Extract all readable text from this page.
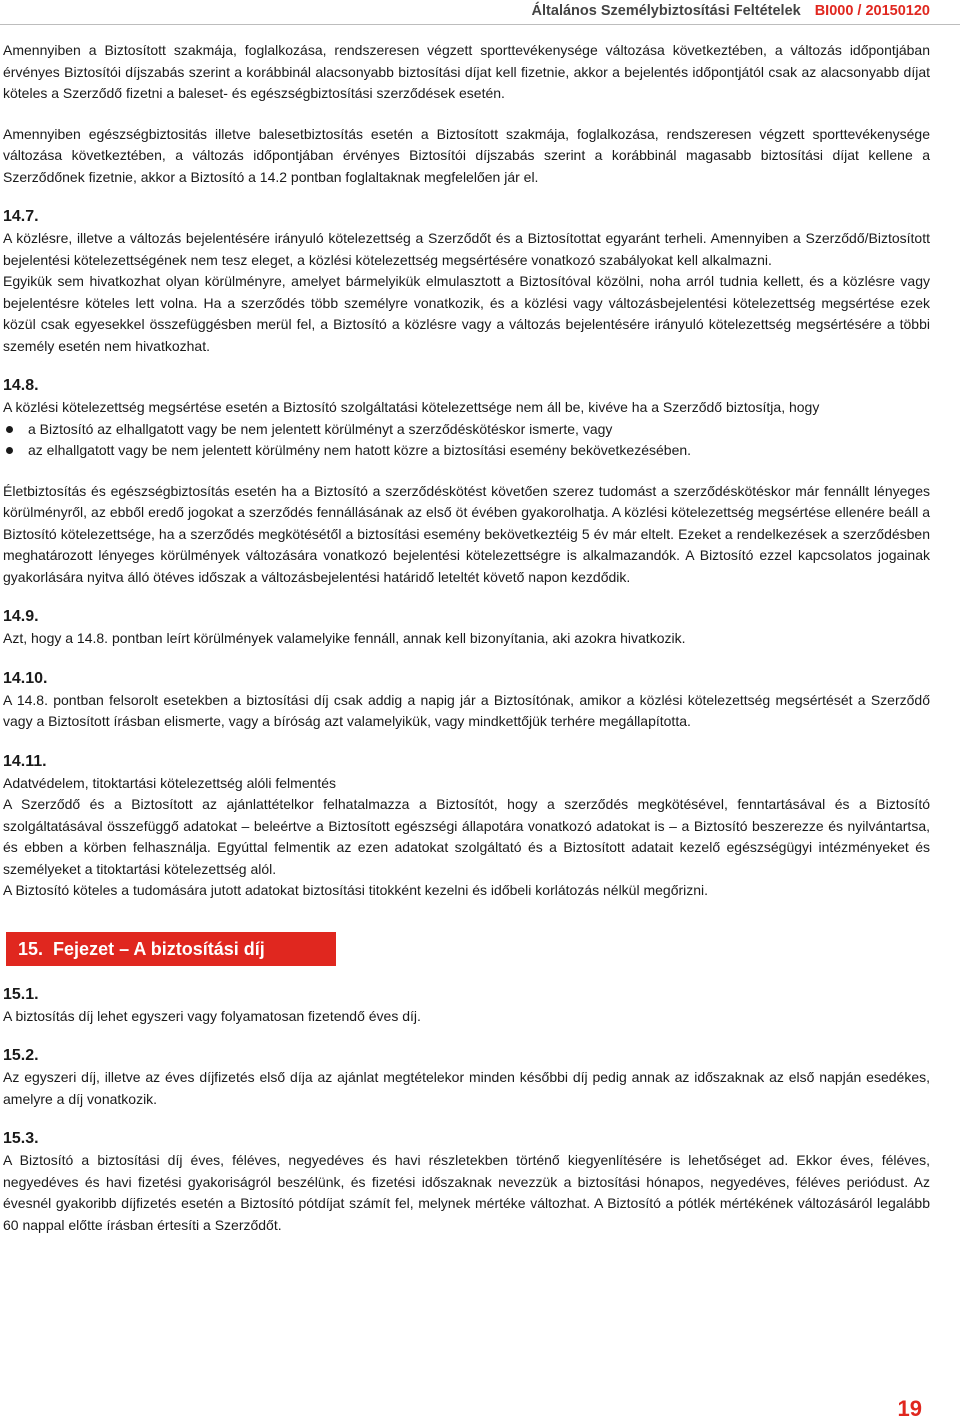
Általános Személybiztosítási Feltételek BI000 / 20150120

Amennyiben a Biztosított szakmája, foglalkozása, rendszeresen végzett sporttevékenysége változása következtében, a változás időpontjában érvényes Biztosítói díjszabás szerint a korábbinál alacsonyabb biztosítási díjat kell fizetnie, akkor a bejelentés időpontjától csak az alacsonyabb díjat köteles a Szerződő fizetni a baleset- és egészségbiztosítási szerződések esetén.

Amennyiben egészségbiztositás illetve balesetbiztosítás esetén a Biztosított szakmája, foglalkozása, rendszeresen végzett sporttevékenysége változása következtében, a változás időpontjában érvényes Biztosítói díjszabás szerint a korábbinál magasabb biztosítási díjat kellene a Szerződőnek fizetnie, akkor a Biztosító a 14.2 pontban foglaltaknak megfelelően jár el.

14.7.

A közlésre, illetve a változás bejelentésére irányuló kötelezettség a Szerződőt és a Biztosítottat egyaránt terheli. Amennyiben a Szerződő/Biztosított bejelentési kötelezettségének nem tesz eleget, a közlési kötelezettség megsértésére vonatkozó szabályokat kell alkalmazni.

Egyikük sem hivatkozhat olyan körülményre, amelyet bármelyikük elmulasztott a Biztosítóval közölni, noha arról tudnia kellett, és a közlésre vagy bejelentésre köteles lett volna. Ha a szerződés több személyre vonatkozik, és a közlési vagy változásbejelentési kötelezettség megsértése ezek közül csak egyesekkel összefüggésben merül fel, a Biztosító a közlésre vagy a változás bejelentésére irányuló kötelezettség megsértésére a többi személy esetén nem hivatkozhat.

14.8.

A közlési kötelezettség megsértése esetén a Biztosító szolgáltatási kötelezettsége nem áll be, kivéve ha a Szerződő biztosítja, hogy

a Biztosító az elhallgatott vagy be nem jelentett körülményt a szerződéskötéskor ismerte, vagy
az elhallgatott vagy be nem jelentett körülmény nem hatott közre a biztosítási esemény bekövetkezésében.

Életbiztosítás és egészségbiztosítás esetén ha a Biztosító a szerződéskötést követően szerez tudomást a szerződéskötéskor már fennállt lényeges körülményről, az ebből eredő jogokat a szerződés fennállásának az első öt évében gyakorolhatja. A közlési kötelezettség megsértése ellenére beáll a Biztosító kötelezettsége, ha a szerződés megkötésétől a biztosítási esemény bekövetkeztéig 5 év már eltelt. Ezeket a rendelkezések a szerződésben meghatározott lényeges körülmények változására vonatkozó bejelentési kötelezettségre is alkalmazandók. A Biztosító ezzel kapcsolatos jogainak gyakorlására nyitva álló ötéves időszak a változásbejelentési határidő leteltét követő napon kezdődik.

14.9.

Azt, hogy a 14.8. pontban leírt körülmények valamelyike fennáll, annak kell bizonyítania, aki azokra hivatkozik.

14.10.

A 14.8. pontban felsorolt esetekben a biztosítási díj csak addig a napig jár a Biztosítónak, amikor a közlési kötelezettség megsértését a Szerződő vagy a Biztosított írásban elismerte, vagy a bíróság azt valamelyikük, vagy mindkettőjük terhére megállapította.

14.11.

Adatvédelem, titoktartási kötelezettség alóli felmentés

A Szerződő és a Biztosított az ajánlattételkor felhatalmazza a Biztosítót, hogy a szerződés megkötésével, fenntartásával és a Biztosító szolgáltatásával összefüggő adatokat – beleértve a Biztosított egészségi állapotára vonatkozó adatokat is – a Biztosító beszerezze és nyilvántartsa, és ebben a körben felhasználja. Egyúttal felmentik az ezen adatokat szolgáltató és a Biztosított adatait kezelő egészségügyi intézményeket és személyeket a titoktartási kötelezettség alól.

A Biztosító köteles a tudomására jutott adatokat biztosítási titokként kezelni és időbeli korlátozás nélkül megőrizni.

15. Fejezet – A biztosítási díj
15.1.

A biztosítás díj lehet egyszeri vagy folyamatosan fizetendő éves díj.

15.2.

Az egyszeri díj, illetve az éves díjfizetés első díja az ajánlat megtételekor minden későbbi díj pedig annak az időszaknak az első napján esedékes, amelyre a díj vonatkozik.

15.3.

A Biztosító a biztosítási díj éves, féléves, negyedéves és havi részletekben történő kiegyenlítésére is lehetőséget ad. Ekkor éves, féléves, negyedéves és havi fizetési gyakoriságról beszélünk, és fizetési időszaknak nevezzük a biztosítási hónapos, negyedéves, féléves periódust. Az évesnél gyakoribb díjfizetés esetén a Biztosító pótdíjat számít fel, melynek mértéke változhat. A Biztosító a pótlék mértékének változásáról legalább 60 nappal előtte írásban értesíti a Szerződőt.

19
